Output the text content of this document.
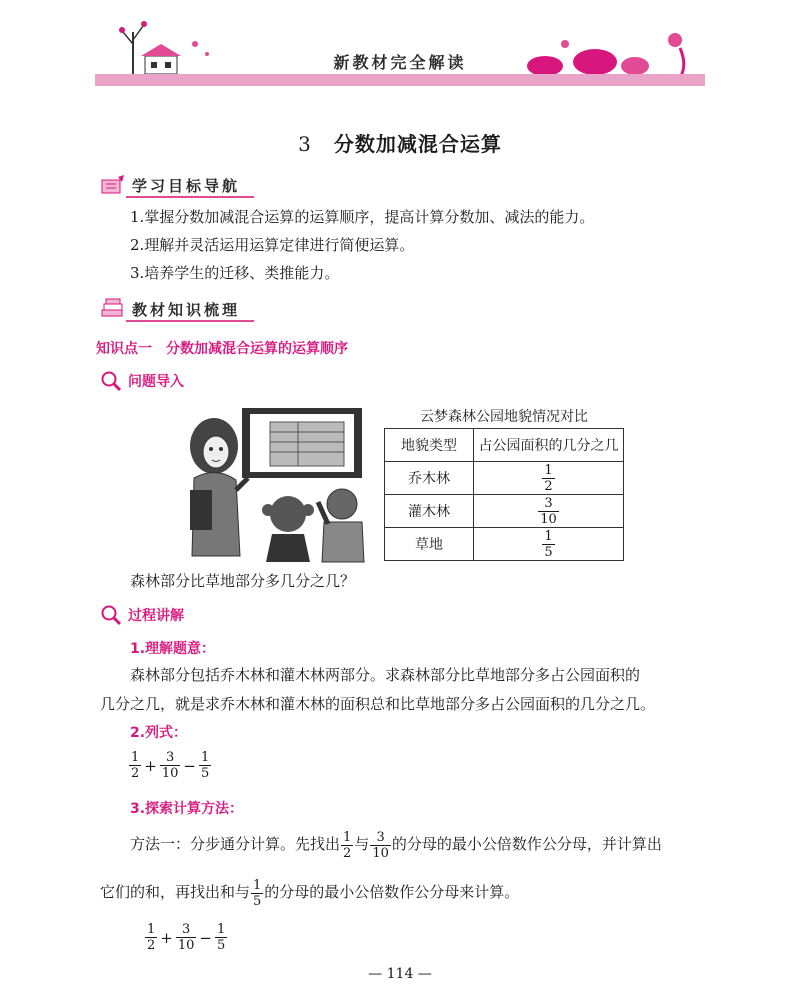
新教材完全解读
3 分数加减混合运算
学习目标导航
1.掌握分数加减混合运算的运算顺序，提高计算分数加、减法的能力。
2.理解并灵活运用运算定律进行简便运算。
3.培养学生的迁移、类推能力。
教材知识梳理
知识点一　分数加减混合运算的运算顺序
问题导入
云梦森林公园地貌情况对比
地貌类型	占公园面积的几分之几
乔木林	$\frac{1}{2}$

灌木林	$\frac{3}{10}$

草地	$\frac{1}{5}$
森林部分比草地部分多几分之几？
过程讲解
1.理解题意：
森林部分包括乔木林和灌木林两部分。求森林部分比草地部分多占公园面积的
几分之几，就是求乔木林和灌木林的面积总和比草地部分多占公园面积的几分之几。
2.列式：
$\frac{1}{2} + \frac{3}{10} - \frac{1}{5}$
3.探索计算方法：
方法一：分步通分计算。先找出 $\frac{1}{2}$ 与 $\frac{3}{10}$ 的分母的最小公倍数作公分母，并计算出
它们的和，再找出和与 $\frac{1}{5}$ 的分母的最小公倍数作公分母来计算。
$\frac{1}{2} + \frac{3}{10} - \frac{1}{5}$
— 114 —
